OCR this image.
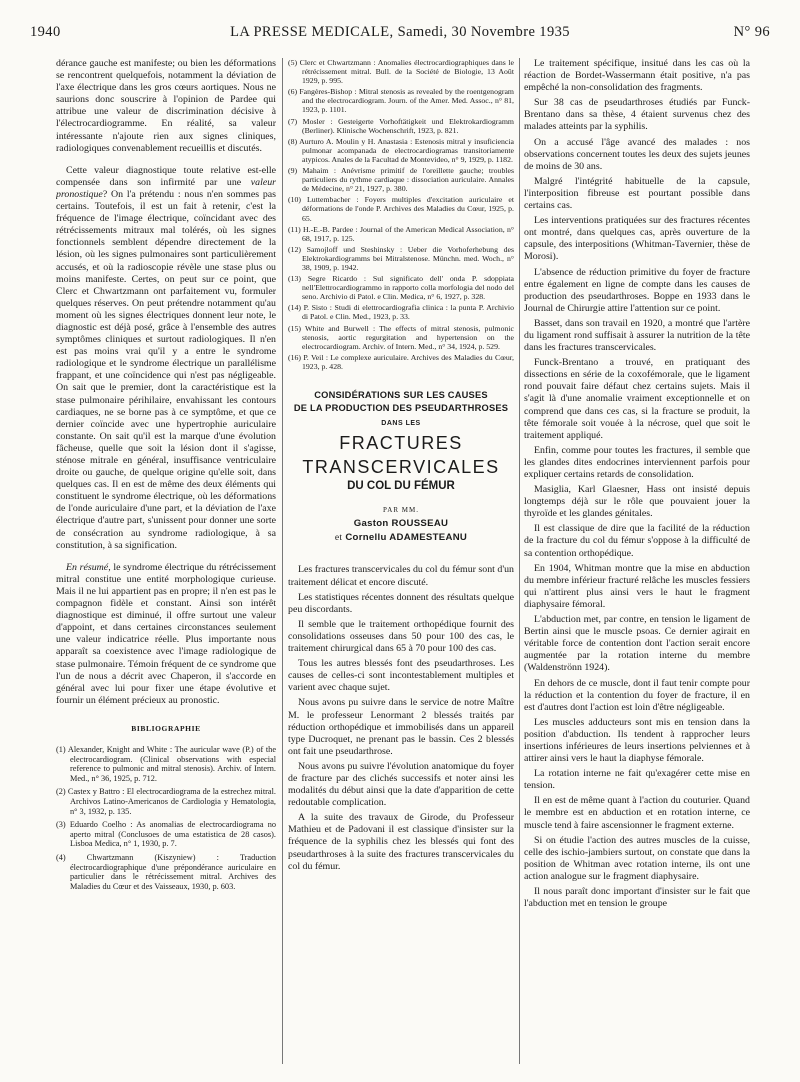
1940	LA PRESSE MEDICALE, Samedi, 30 Novembre 1935	N° 96

dérance gauche est manifeste; ou bien les déformations se rencontrent quelquefois, notamment la déviation de l'axe électrique dans les gros cœurs aortiques. Nous ne saurions donc souscrire à l'opinion de Pardee qui attribue une valeur de discrimination décisive à l'électrocardiogramme. En réalité, sa valeur intéressante n'ajoute rien aux signes cliniques, radiologiques convenablement recueillis et discutés.

Cette valeur diagnostique toute relative est-elle compensée dans son infirmité par une valeur pronostique? On l'a prétendu : nous n'en sommes pas certains. Toutefois, il est un fait à retenir, c'est la fréquence de l'image électrique, coïncidant avec des rétrécissements mitraux mal tolérés, où les signes fonctionnels semblent dépendre directement de la lésion, où les signes pulmonaires sont particulièrement accusés, et où la radioscopie révèle une stase plus ou moins manifeste. Certes, on peut sur ce point, que Clerc et Chwartzmann ont parfaitement vu, formuler quelques réserves. On peut prétendre notamment qu'au moment où les signes électriques donnent leur note, le diagnostic est déjà posé, grâce à l'ensemble des autres symptômes cliniques et surtout radiologiques. Il n'en est pas moins vrai qu'il y a entre le syndrome radiologique et le syndrome électrique un parallélisme frappant, et une coïncidence qui n'est pas négligeable. On sait que le premier, dont la caractéristique est la stase pulmonaire périhilaire, envahissant les contours cardiaques, ne se borne pas à ce symptôme, et que ce dernier coïncide avec une hypertrophie auriculaire constante. On sait qu'il est la marque d'une évolution fâcheuse, quelle que soit la lésion dont il s'agisse, sténose mitrale en général, insuffisance ventriculaire droite ou gauche, de quelque origine qu'elle soit, dans quelques cas. Il en est de même des deux éléments qui constituent le syndrome électrique, où les déformations de l'onde auriculaire d'une part, et la déviation de l'axe électrique d'autre part, s'unissent pour donner une sorte de consécration au syndrome radiologique, à sa constitution, à sa signification.

En résumé, le syndrome électrique du rétrécissement mitral constitue une entité morphologique curieuse. Mais il ne lui appartient pas en propre; il n'en est pas le compagnon fidèle et constant. Ainsi son intérêt diagnostique est diminué, il offre surtout une valeur d'appoint, et dans certaines circonstances seulement une valeur indicatrice réelle. Plus importante nous apparaît sa coexistence avec l'image radiologique de stase pulmonaire. Témoin fréquent de ce syndrome que l'un de nous a décrit avec Chaperon, il s'accorde en général avec lui pour fixer une étape évolutive et fournir un élément précieux au pronostic.

BIBLIOGRAPHIE
(1) Alexander, Knight and White : The auricular wave (P.) of the electrocardiogram. (Clinical observations with especial reference to pulmonic and mitral stenosis). Archiv. of Intern. Med., n° 36, 1925, p. 712.
(2) Castex y Battro : El electrocardiograma de la estrechez mitral. Archivos Latino-Americanos de Cardiologia y Hematologia, n° 3, 1932, p. 135.
(3) Eduardo Coelho : As anomalias de electrocardiograma no aperto mitral (Conclusoes de uma estatistica de 28 casos). Lisboa Medica, n° 1, 1930, p. 7.
(4) Chwartzmann (Kiszyniew) : Traduction électrocardiographique d'une prépondérance auriculaire en particulier dans le rétrécissement mitral. Archives des Maladies du Cœur et des Vaisseaux, 1930, p. 603.
(5) Clerc et Chwartzmann : Anomalies électrocardiographiques dans le rétrécissement mitral. Bull. de la Société de Biologie, 13 Août 1929, p. 995.
(6) Fangères-Bishop : Mitral stenosis as revealed by the roentgenogram and the electrocardiogram. Journ. of the Amer. Med. Assoc., n° 81, 1923, p. 1101.
(7) Mosler : Gesteigerte Vorhoftätigkeit und Elektrokardiogramm (Berliner). Klinische Wochenschrift, 1923, p. 821.
(8) Aurturo A. Moulin y H. Anastasia : Estenosis mitral y insuficiencia pulmonar acompanada de electrocardiogramas transitoriamente atypicos. Anales de la Facultad de Montevideo, n° 9, 1929, p. 1182.
(9) Mahaim : Anévrisme primitif de l'oreillette gauche; troubles particuliers du rythme cardiaque : dissociation auriculaire. Annales de Médecine, n° 21, 1927, p. 380.
(10) Luttembacher : Foyers multiples d'excitation auriculaire et déformations de l'onde P. Archives des Maladies du Cœur, 1925, p. 65.
(11) H.-E.-B. Pardee : Journal of the American Medical Association, n° 68, 1917, p. 125.
(12) Samojloff und Steshinsky : Ueber die Vorhoferhebung des Elektrokardiogramms bei Mitralstenose. Münchn. med. Woch., n° 38, 1909, p. 1942.
(13) Segre Ricardo : Sul significato dell' onda P. sdoppiata nell'Elettrocardiogrammo in rapporto colla morfologia del nodo del seno. Archivio di Patol. e Clin. Medica, n° 6, 1927, p. 328.
(14) P. Sisto : Studi di elettrocardiografia clinica : la punta P. Archivio di Patol. e Clin. Med., 1923, p. 33.
(15) White and Burwell : The effects of mitral stenosis, pulmonic stenosis, aortic regurgitation and hypertension on the electrocardiogram. Archiv. of Intern. Med., n° 34, 1924, p. 529.
(16) P. Veil : Le complexe auriculaire. Archives des Maladies du Cœur, 1923, p. 428.
CONSIDÉRATIONS SUR LES CAUSES
DE LA PRODUCTION DES PSEUDARTHROSES
DANS LES
FRACTURES
TRANSCERVICALES
DU COL DU FÉMUR
PAR MM.
Gaston ROUSSEAU
et Cornellu ADAMESTEANU

Les fractures transcervicales du col du fémur sont d'un traitement délicat et encore discuté.

Les statistiques récentes donnent des résultats quelque peu discordants.

Il semble que le traitement orthopédique fournit des consolidations osseuses dans 50 pour 100 des cas, le traitement chirurgical dans 65 à 70 pour 100 des cas.

Tous les autres blessés font des pseudarthroses. Les causes de celles-ci sont incontestablement multiples et varient avec chaque sujet.

Nous avons pu suivre dans le service de notre Maître M. le professeur Lenormant 2 blessés traités par réduction orthopédique et immobilisés dans un appareil type Ducroquet, ne prenant pas le bassin. Ces 2 blessés ont fait une pseudarthrose.

Nous avons pu suivre l'évolution anatomique du foyer de fracture par des clichés successifs et noter ainsi les modalités du début ainsi que la date d'apparition de cette redoutable complication.

A la suite des travaux de Girode, du Professeur Mathieu et de Padovani il est classique d'insister sur la fréquence de la syphilis chez les blessés qui font des pseudarthroses à la suite des fractures transcervicales du col du fémur.

Le traitement spécifique, insitué dans les cas où la réaction de Bordet-Wassermann était positive, n'a pas empêché la non-consolidation des fragments.

Sur 38 cas de pseudarthroses étudiés par Funck-Brentano dans sa thèse, 4 étaient survenus chez des malades atteints par la syphilis.

On a accusé l'âge avancé des malades : nos observations concernent toutes les deux des sujets jeunes de moins de 30 ans.

Malgré l'intégrité habituelle de la capsule, l'interposition fibreuse est pourtant possible dans certains cas.

Les interventions pratiquées sur des fractures récentes ont montré, dans quelques cas, après ouverture de la capsule, des interpositions (Whitman-Tavernier, thèse de Morosi).

L'absence de réduction primitive du foyer de fracture entre également en ligne de compte dans les causes de production des pseudarthroses. Boppe en 1933 dans le Journal de Chirurgie attire l'attention sur ce point.

Basset, dans son travail en 1920, a montré que l'artère du ligament rond suffisait à assurer la nutrition de la tête dans les fractures transcervicales.

Funck-Brentano a trouvé, en pratiquant des dissections en série de la coxofémorale, que le ligament rond pouvait faire défaut chez certains sujets. Mais il s'agit là d'une anomalie vraiment exceptionnelle et on comprend que dans ces cas, si la fracture se produit, la tête fémorale soit vouée à la nécrose, quel que soit le traitement appliqué.

Enfin, comme pour toutes les fractures, il semble que les glandes dites endocrines interviennent parfois pour expliquer certains retards de consolidation.

Masiglia, Karl Glaesner, Hass ont insisté depuis longtemps déjà sur le rôle que pouvaient jouer la thyroïde et les glandes génitales.

Il est classique de dire que la facilité de la réduction de la fracture du col du fémur s'oppose à la difficulté de sa contention orthopédique.

En 1904, Whitman montre que la mise en abduction du membre inférieur fracturé relâche les muscles fessiers qui n'attirent plus ainsi vers le haut le fragment diaphysaire fémoral.

L'abduction met, par contre, en tension le ligament de Bertin ainsi que le muscle psoas. Ce dernier agirait en véritable force de contention dont l'action serait encore augmentée par la rotation interne du membre (Waldenströnn 1924).

En dehors de ce muscle, dont il faut tenir compte pour la réduction et la contention du foyer de fracture, il en est d'autres dont l'action est loin d'être négligeable.

Les muscles adducteurs sont mis en tension dans la position d'abduction. Ils tendent à rapprocher leurs insertions inférieures de leurs insertions pelviennes et à attirer ainsi vers le haut la diaphyse fémorale.

La rotation interne ne fait qu'exagérer cette mise en tension.

Il en est de même quant à l'action du couturier. Quand le membre est en abduction et en rotation interne, ce muscle tend à faire ascensionner le fragment externe.

Si on étudie l'action des autres muscles de la cuisse, celle des ischio-jambiers surtout, on constate que dans la position de Whitman avec rotation interne, ils ont une action analogue sur le fragment diaphysaire.

Il nous paraît donc important d'insister sur le fait que l'abduction met en tension le groupe
